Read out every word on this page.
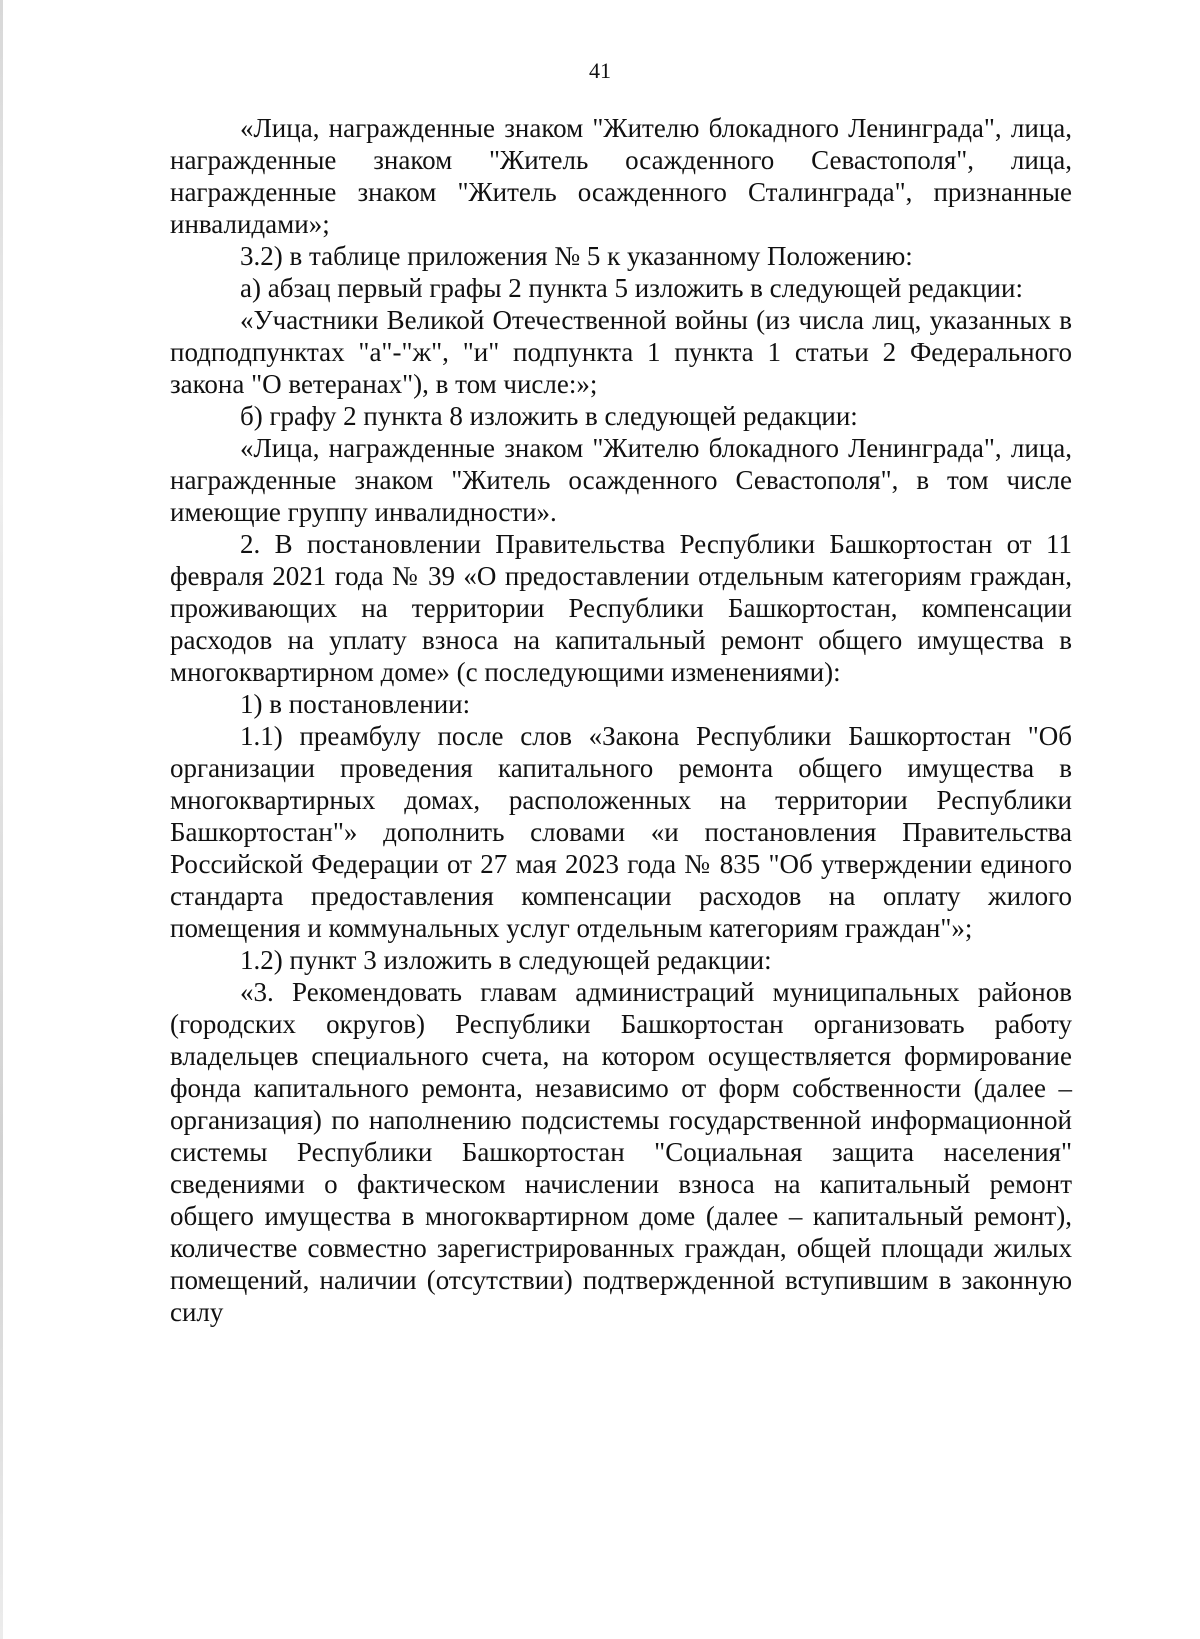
41

«Лица, награжденные знаком "Жителю блокадного Ленинграда", лица, награжденные знаком "Житель осажденного Севастополя", лица, награжденные знаком "Житель осажденного Сталинграда", признанные инвалидами»;

3.2) в таблице приложения № 5 к указанному Положению:

а) абзац первый графы 2 пункта 5 изложить в следующей редакции:

«Участники Великой Отечественной войны (из числа лиц, указанных в подподпунктах "а"-"ж", "и" подпункта 1 пункта 1 статьи 2 Федерального закона "О ветеранах"), в том числе:»;

б) графу 2 пункта 8 изложить в следующей редакции:

«Лица, награжденные знаком "Жителю блокадного Ленинграда", лица, награжденные знаком "Житель осажденного Севастополя", в том числе имеющие группу инвалидности».

2. В постановлении Правительства Республики Башкортостан от 11 февраля 2021 года № 39 «О предоставлении отдельным категориям граждан, проживающих на территории Республики Башкортостан, компенсации расходов на уплату взноса на капитальный ремонт общего имущества в многоквартирном доме» (с последующими изменениями):

1) в постановлении:

1.1) преамбулу после слов «Закона Республики Башкортостан "Об организации проведения капитального ремонта общего имущества в многоквартирных домах, расположенных на территории Республики Башкортостан"» дополнить словами «и постановления Правительства Российской Федерации от 27 мая 2023 года № 835 "Об утверждении единого стандарта предоставления компенсации расходов на оплату жилого помещения и коммунальных услуг отдельным категориям граждан"»;

1.2) пункт 3 изложить в следующей редакции:

«3. Рекомендовать главам администраций муниципальных районов (городских округов) Республики Башкортостан организовать работу владельцев специального счета, на котором осуществляется формирование фонда капитального ремонта, независимо от форм собственности (далее – организация) по наполнению подсистемы государственной информационной системы Республики Башкортостан "Социальная защита населения" сведениями о фактическом начислении взноса на капитальный ремонт общего имущества в многоквартирном доме (далее – капитальный ремонт), количестве совместно зарегистрированных граждан, общей площади жилых помещений, наличии (отсутствии) подтвержденной вступившим в законную силу
